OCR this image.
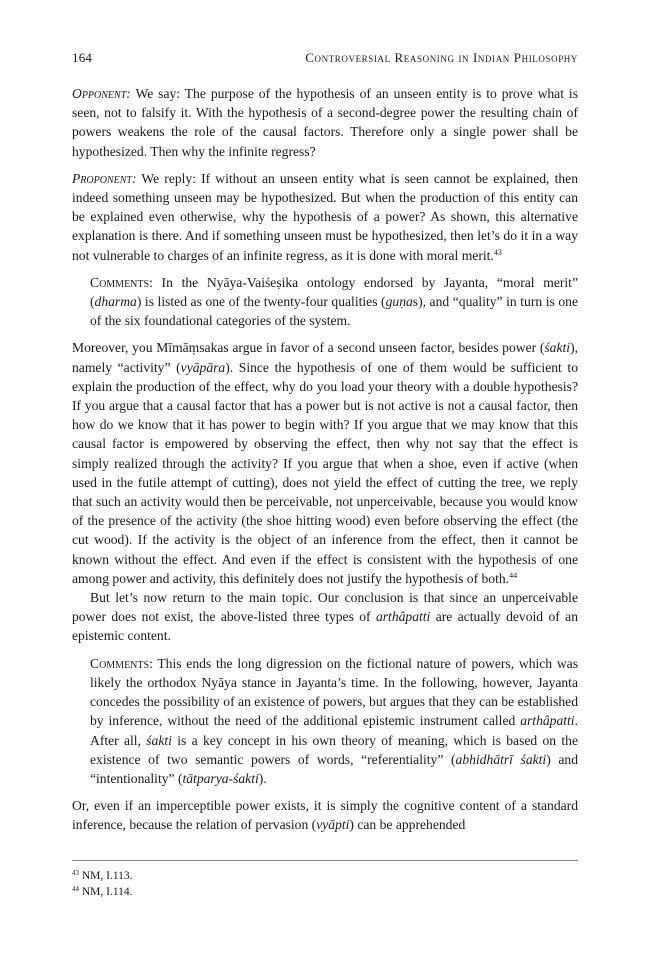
164	Controversial Reasoning in Indian Philosophy

Opponent: We say: The purpose of the hypothesis of an unseen entity is to prove what is seen, not to falsify it. With the hypothesis of a second-degree power the resulting chain of powers weakens the role of the causal factors. Therefore only a single power shall be hypothesized. Then why the infinite regress?

Proponent: We reply: If without an unseen entity what is seen cannot be explained, then indeed something unseen may be hypothesized. But when the production of this entity can be explained even otherwise, why the hypothesis of a power? As shown, this alternative explanation is there. And if something unseen must be hypothesized, then let’s do it in a way not vulnerable to charges of an infinite regress, as it is done with moral merit.$^{43}$

Comments: In the Nyāya-Vaiśeṣika ontology endorsed by Jayanta, “moral merit” (dharma) is listed as one of the twenty-four qualities (guṇas), and “quality” in turn is one of the six foundational categories of the system.

Moreover, you Mīmāṃsakas argue in favor of a second unseen factor, besides power (śakti), namely “activity” (vyāpāra). Since the hypothesis of one of them would be sufficient to explain the production of the effect, why do you load your theory with a double hypothesis? If you argue that a causal factor that has a power but is not active is not a causal factor, then how do we know that it has power to begin with? If you argue that we may know that this causal factor is empowered by observing the effect, then why not say that the effect is simply realized through the activity? If you argue that when a shoe, even if active (when used in the futile attempt of cutting), does not yield the effect of cutting the tree, we reply that such an activity would then be perceivable, not unperceivable, because you would know of the presence of the activity (the shoe hitting wood) even before observing the effect (the cut wood). If the activity is the object of an inference from the effect, then it cannot be known without the effect. And even if the effect is consistent with the hypothesis of one among power and activity, this definitely does not justify the hypothesis of both.$^{44}$

But let’s now return to the main topic. Our conclusion is that since an unperceivable power does not exist, the above-listed three types of arthâpatti are actually devoid of an epistemic content.

Comments: This ends the long digression on the fictional nature of powers, which was likely the orthodox Nyāya stance in Jayanta’s time. In the following, however, Jayanta concedes the possibility of an existence of powers, but argues that they can be established by inference, without the need of the additional epistemic instrument called arthâpatti. After all, śakti is a key concept in his own theory of meaning, which is based on the existence of two semantic powers of words, “referentiality” (abhidhātrī śakti) and “intentionality” (tātparya-śakti).

Or, even if an imperceptible power exists, it is simply the cognitive content of a standard inference, because the relation of pervasion (vyāpti) can be apprehended

$^{43}$ NM, I.113.
$^{44}$ NM, I.114.
